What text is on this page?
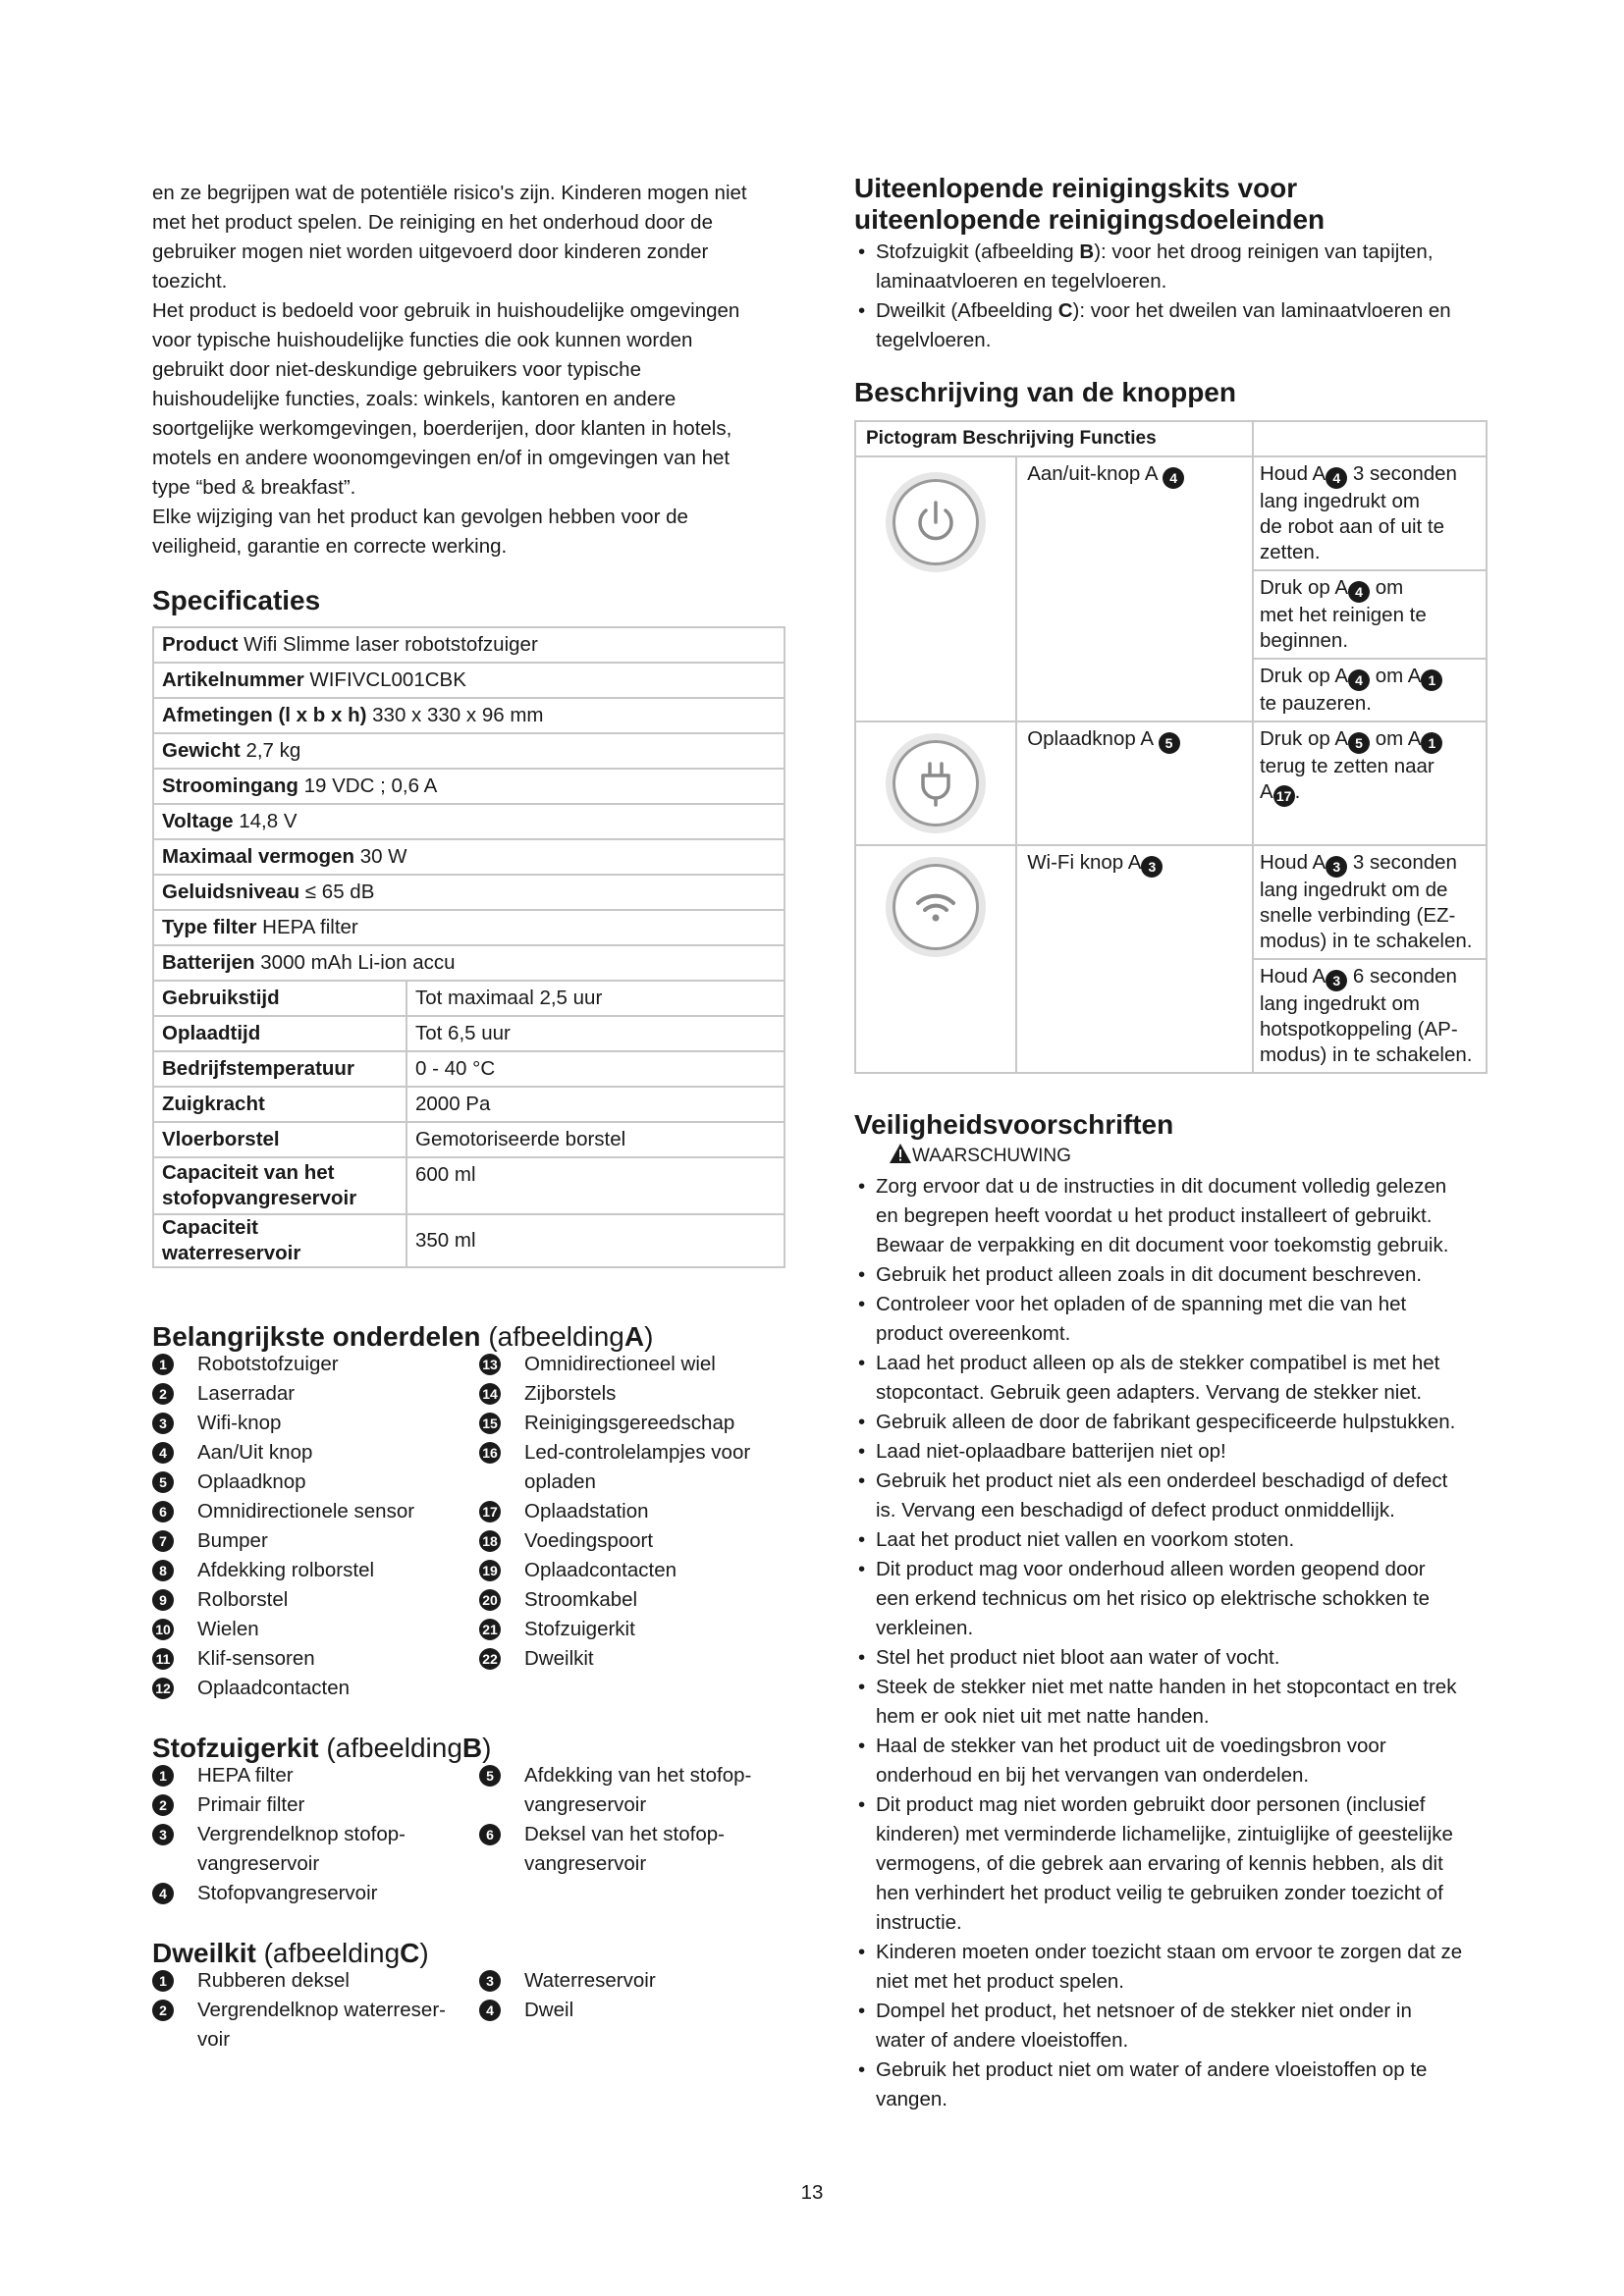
en ze begrijpen wat de potentiële risico's zijn. Kinderen mogen niet

met het product spelen. De reiniging en het onderhoud door de

gebruiker mogen niet worden uitgevoerd door kinderen zonder

toezicht.

Het product is bedoeld voor gebruik in huishoudelijke omgevingen

voor typische huishoudelijke functies die ook kunnen worden

gebruikt door niet-deskundige gebruikers voor typische

huishoudelijke functies, zoals: winkels, kantoren en andere

soortgelijke werkomgevingen, boerderijen, door klanten in hotels,

motels en andere woonomgevingen en/of in omgevingen van het

type “bed & breakfast”.

Elke wijziging van het product kan gevolgen hebben voor de

veiligheid, garantie en correcte werking.

Specificaties
Product Wifi Slimme laser robotstofzuiger	
Artikelnummer WIFIVCL001CBK	
Afmetingen (l x b x h) 330 x 330 x 96 mm	
Gewicht 2,7 kg	
Stroomingang 19 VDC ; 0,6 A	
Voltage 14,8 V	
Maximaal vermogen 30 W	
Geluidsniveau ≤ 65 dB	
Type filter HEPA filter	
Batterijen 3000 mAh Li-ion accu	
Gebruikstijd	Tot maximaal 2,5 uur
Oplaadtijd	Tot 6,5 uur
Bedrijfstemperatuur	0 - 40 °C
Zuigkracht	2000 Pa
Vloerborstel	Gemotoriseerde borstel
Capaciteit van het stofopvangreservoir	600 ml
Capaciteit waterreservoir	350 ml
Belangrijkste onderdelen (afbeeldingA)
1	Robotstofzuiger
2	Laserradar
3	Wifi-knop
4	Aan/Uit knop
5	Oplaadknop
6	Omnidirectionele sensor
7	Bumper
8	Afdekking rolborstel
9	Rolborstel
10 Wielen
11 Klif-sensoren
12 Oplaadcontacten
13 Omnidirectioneel wiel
14 Zijborstels
15 Reinigingsgereedschap
16 Led-controlelampjes voor
opladen
17 Oplaadstation
18 Voedingspoort
19 Oplaadcontacten
20 Stroomkabel
21 Stofzuigerkit
22 Dweilkit
Stofzuigerkit (afbeeldingB)
1	HEPA filter
2	Primair filter
3	Vergrendelknop stofop-
vangreservoir
4	Stofopvangreservoir
5	Afdekking van het stofop-
vangreservoir
6	Deksel van het stofop-
vangreservoir
Dweilkit (afbeeldingC)
1	Rubberen deksel
2	Vergrendelknop waterreser-
voir
3	Waterreservoir
4	Dweil
Uiteenlopende reinigingskits voor
uiteenlopende reinigingsdoeleinden
• Stofzuigkit (afbeelding B): voor het droog reinigen van tapijten,
laminaatvloeren en tegelvloeren.
• Dweilkit (Afbeelding C): voor het dweilen van laminaatvloeren en
tegelvloeren.
Beschrijving van de knoppen
Pictogram Beschrijving Functies		

	Aan/uit-knop A 4	Houd A 4 3 seconden
lang ingedrukt om
de robot aan of uit te
zetten.
		Druk op A 4 om
met het reinigen te
beginnen.
		Druk op A 4 om A 1
te pauzeren.

	Oplaadknop A 5	Druk op A 5 om A 1
terug te zetten naar
A 17 .

	Wi-Fi knop A 3	Houd A 3 3 seconden
lang ingedrukt om de
snelle verbinding (EZ-
modus) in te schakelen.
		Houd A 3 6 seconden
lang ingedrukt om
hotspotkoppeling (AP-
modus) in te schakelen.
Veiligheidsvoorschriften
WAARSCHUWING
• Zorg ervoor dat u de instructies in dit document volledig gelezen
en begrepen heeft voordat u het product installeert of gebruikt.
Bewaar de verpakking en dit document voor toekomstig gebruik.
• Gebruik het product alleen zoals in dit document beschreven.
• Controleer voor het opladen of de spanning met die van het
product overeenkomt.
• Laad het product alleen op als de stekker compatibel is met het
stopcontact. Gebruik geen adapters. Vervang de stekker niet.
• Gebruik alleen de door de fabrikant gespecificeerde hulpstukken.
• Laad niet-oplaadbare batterijen niet op!
• Gebruik het product niet als een onderdeel beschadigd of defect
is. Vervang een beschadigd of defect product onmiddellijk.
• Laat het product niet vallen en voorkom stoten.
• Dit product mag voor onderhoud alleen worden geopend door
een erkend technicus om het risico op elektrische schokken te
verkleinen.
• Stel het product niet bloot aan water of vocht.
• Steek de stekker niet met natte handen in het stopcontact en trek
hem er ook niet uit met natte handen.
• Haal de stekker van het product uit de voedingsbron voor
onderhoud en bij het vervangen van onderdelen.
• Dit product mag niet worden gebruikt door personen (inclusief
kinderen) met verminderde lichamelijke, zintuiglijke of geestelijke
vermogens, of die gebrek aan ervaring of kennis hebben, als dit
hen verhindert het product veilig te gebruiken zonder toezicht of
instructie.
• Kinderen moeten onder toezicht staan om ervoor te zorgen dat ze
niet met het product spelen.
• Dompel het product, het netsnoer of de stekker niet onder in
water of andere vloeistoffen.
• Gebruik het product niet om water of andere vloeistoffen op te
vangen.
13
